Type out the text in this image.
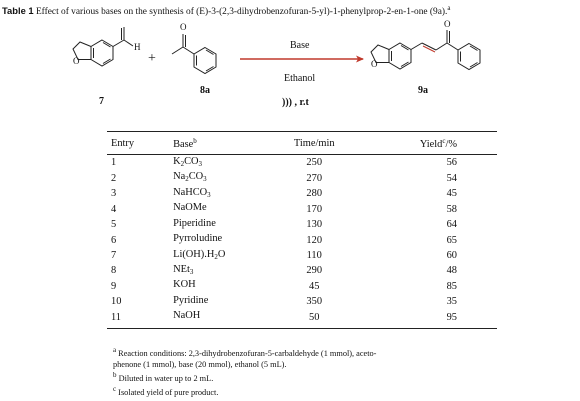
Table 1 Effect of various bases on the synthesis of (E)-3-(2,3-dihydrobenzofuran-5-yl)-1-phenylprop-2-en-1-one (9a).$^a$
O
H
7
+
O
8a
Base
Ethanol
))) , r.t
O
O
9a
Entry	Base$^b$	Time/min	Yield$^c$/%
1	$K_2CO_3$	250	56
2	$Na_2CO_3$	270	54
3	NaHCO$_3$	280	45
4	NaOMe	170	58
5	Piperidine	130	64
6	Pyrroludine	120	65
7	$Li(OH).H_2O$	110	60
8	NEt$_3$	290	48
9	KOH	45	85
10	Pyridine	350	35
11	NaOH	50	95
$^a$ Reaction conditions: 2,3-dihydrobenzofuran-5-carbaldehyde (1 mmol), aceto-
phenone (1 mmol), base (20 mmol), ethanol (5 mL).
$^b$ Diluted in water up to 2 mL.
$^c$ Isolated yield of pure product.
